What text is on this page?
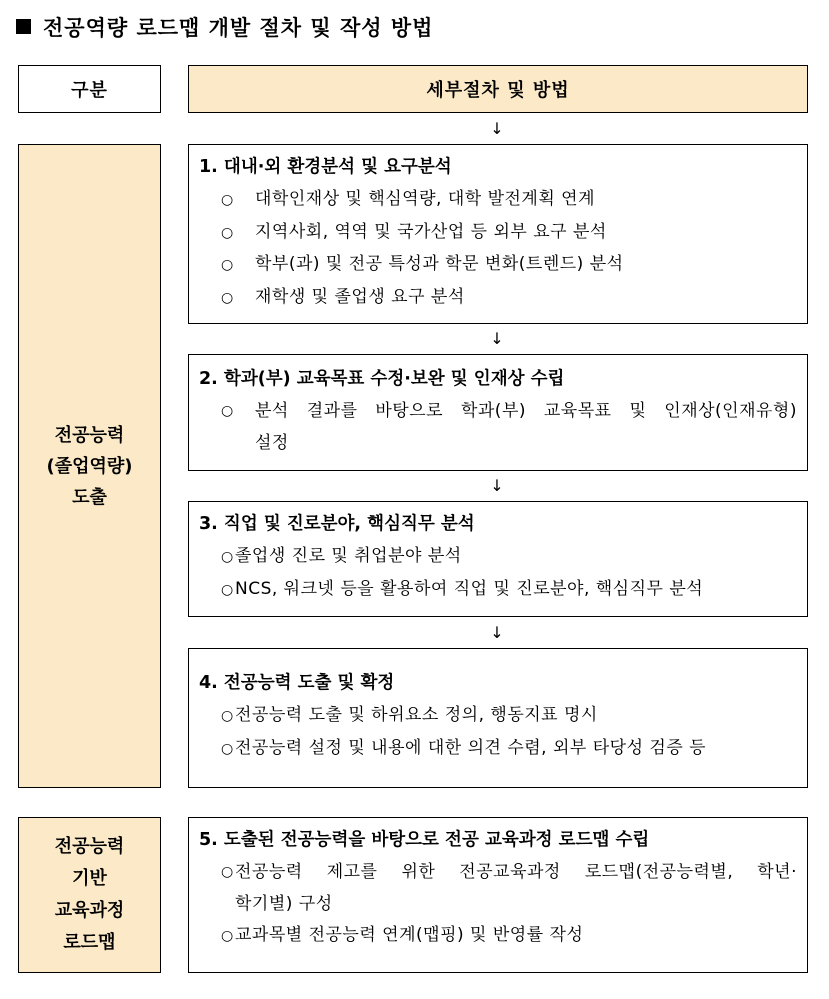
전공역량 로드맵 개발 절차 및 작성 방법
구분	세부절차 및 방법
↓
전공능력
(졸업역량)
도출
전공능력
기반
교육과정
로드맵
1. 대내·외 환경분석 및 요구분석
○ 대학인재상 및 핵심역량, 대학 발전계획 연계
○ 지역사회, 역역 및 국가산업 등 외부 요구 분석
○ 학부(과) 및 전공 특성과 학문 변화(트렌드) 분석
○ 재학생 및 졸업생 요구 분석
↓
2. 학과(부) 교육목표 수정·보완 및 인재상 수립
○	분석 결과를 바탕으로 학과(부) 교육목표 및 인재상(인재유형)
설정
↓
3. 직업 및 진로분야, 핵심직무 분석
○졸업생 진로 및 취업분야 분석
○NCS, 워크넷 등을 활용하여 직업 및 진로분야, 핵심직무 분석
↓
4. 전공능력 도출 및 확정
○전공능력 도출 및 하위요소 정의, 행동지표 명시
○전공능력 설정 및 내용에 대한 의견 수렴, 외부 타당성 검증 등
5. 도출된 전공능력을 바탕으로 전공 교육과정 로드맵 수립
○ 전공능력 제고를 위한 전공교육과정 로드맵(전공능력별, 학년·
학기별) 구성
○교과목별 전공능력 연계(맵핑) 및 반영률 작성
